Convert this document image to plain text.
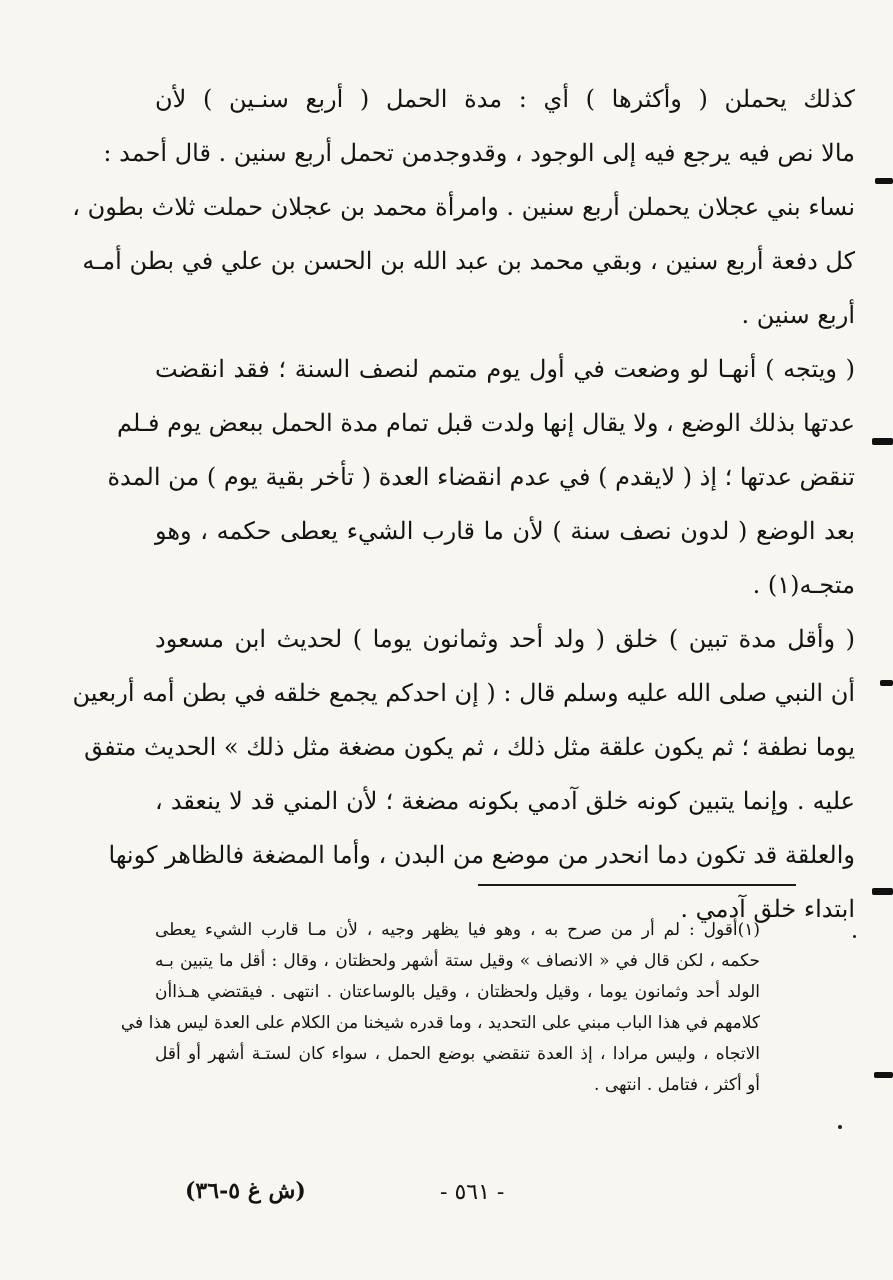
كذلك يحملن ( وأكثرها ) أي : مدة الحمل ( أربع سنـين ) لأن
مالا نص فيه يرجع فيه إلى الوجود ، وقدوجدمن تحمل أربع سنين . قال أحمد :
نساء بني عجلان يحملن أربع سنين . وامرأة محمد بن عجلان حملت ثلاث بطون ،
كل دفعة أربع سنين ، وبقي محمد بن عبد الله بن الحسن بن علي في بطن أمـه
أربع سنين .
( ويتجه ) أنهـا لو وضعت في أول يوم متمم لنصف السنة ؛ فقد انقضت
عدتها بذلك الوضع ، ولا يقال إنها ولدت قبل تمام مدة الحمل ببعض يوم فـلم
تنقض عدتها ؛ إذ ( لايقدم ) في عدم انقضاء العدة ( تأخر بقية يوم ) من المدة
بعد الوضع ( لدون نصف سنة ) لأن ما قارب الشيء يعطى حكمه ، وهو
متجـه(١) .
( وأقل مدة تبين ) خلق ( ولد أحد وثمانون يوما ) لحديث ابن مسعود
أن النبي صلى الله عليه وسلم قال : ( إن احدكم يجمع خلقه في بطن أمه أربعين
يوما نطفة ؛ ثم يكون علقة مثل ذلك ، ثم يكون مضغة مثل ذلك » الحديث متفق
عليه . وإنما يتبين كونه خلق آدمي بكونه مضغة ؛ لأن المني قد لا ينعقد ،
والعلقة قد تكون دما انحدر من موضع من البدن ، وأما المضغة فالظاهر كونها
ابتداء خلق آدمي .
(١)أقول : لم أر من صرح به ، وهو فيا يظهر وجيه ، لأن مـا قارب الشيء يعطى
حكمه ، لكن قال في « الانصاف » وقيل ستة أشهر ولحظتان ، وقال : أقل ما يتبين بـه
الولد أحد وثمانون يوما ، وقيل ولحظتان ، وقيل بالوساعتان . انتهى . فيقتضي هـذاأن
كلامهم في هذا الباب مبني على التحديد ، وما قدره شيخنا من الكلام على العدة ليس هذا في
الاتجاه ، وليس مرادا ، إذ العدة تنقضي بوضع الحمل ، سواء كان لستـة أشهر أو أقل
أو أكثر ، فتامل . انتهى .
- ٥٦١ -
(ش غ ٥-٣٦)
